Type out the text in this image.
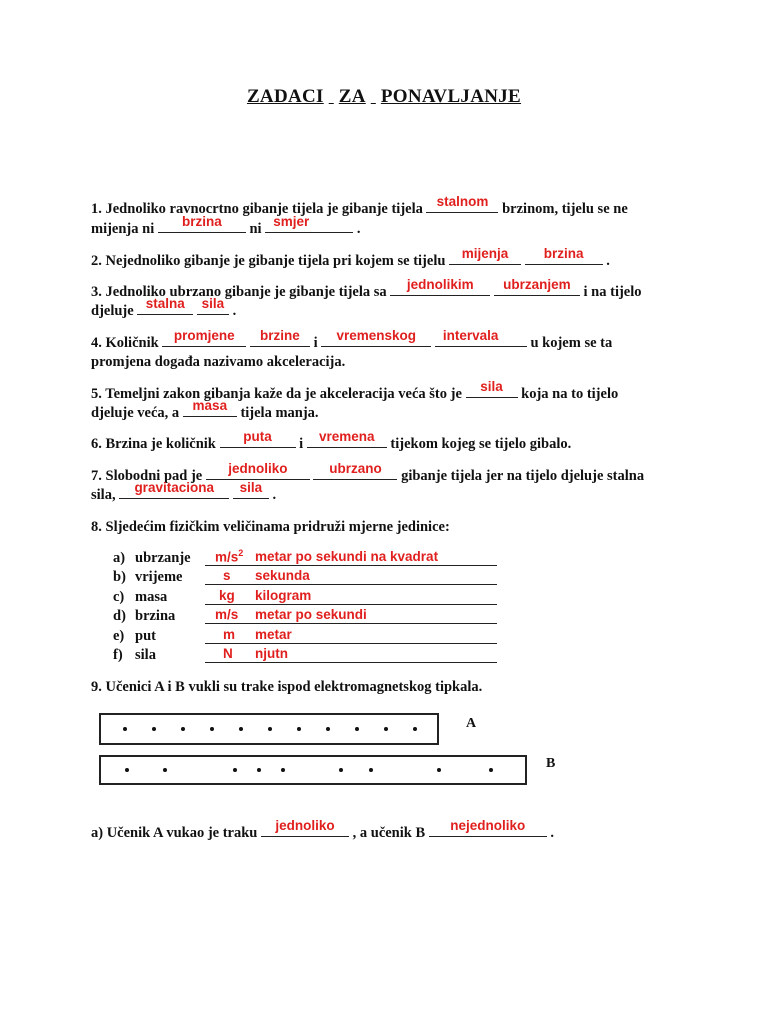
ZADACI ZA PONAVLJANJE
1. Jednoliko ravnocrtno gibanje tijela je gibanje tijela	stalnom brzinom, tijelu se ne
mijenja ni	brzina	ni smjer	.
2. Nejednoliko gibanje je gibanje tijela pri kojem se tijelu	mijenja
	brzina	.
3. Jednoliko ubrzano gibanje je gibanje tijela sa	jednolikim
	ubrzanjem i na tijelo
djeluje stalna
	sila .
4. Količnik	promjene
	brzine i	vremenskog
	intervala	u kojem se ta
promjena događa nazivamo akceleracija.
5. Temeljni zakon gibanja kaže da je akceleracija veća što je	sila	koja na to tijelo
djeluje veća, a masa tijela manja.
6. Brzina je količnik	puta	i	vremena	tijekom kojeg se tijelo gibalo.
7. Slobodni pad je	jednoliko
	ubrzano	gibanje tijela jer na tijelo djeluje stalna
sila,	gravitaciona
	sila .
8. Sljedećim fizičkim veličinama pridruži mjerne jedinice:
a) ubrzanje	$m/s^2$ metar po sekundi na kvadrat
b) vrijeme	s sekunda
c) masa	kg kilogram
d) brzina	m/s metar po sekundi
e) put	m metar
f) sila	N njutn
9. Učenici A i B vukli su trake ispod elektromagnetskog tipkala.
A
B
a) Učenik A vukao je traku	jednoliko	, a učenik B	nejednoliko	.
